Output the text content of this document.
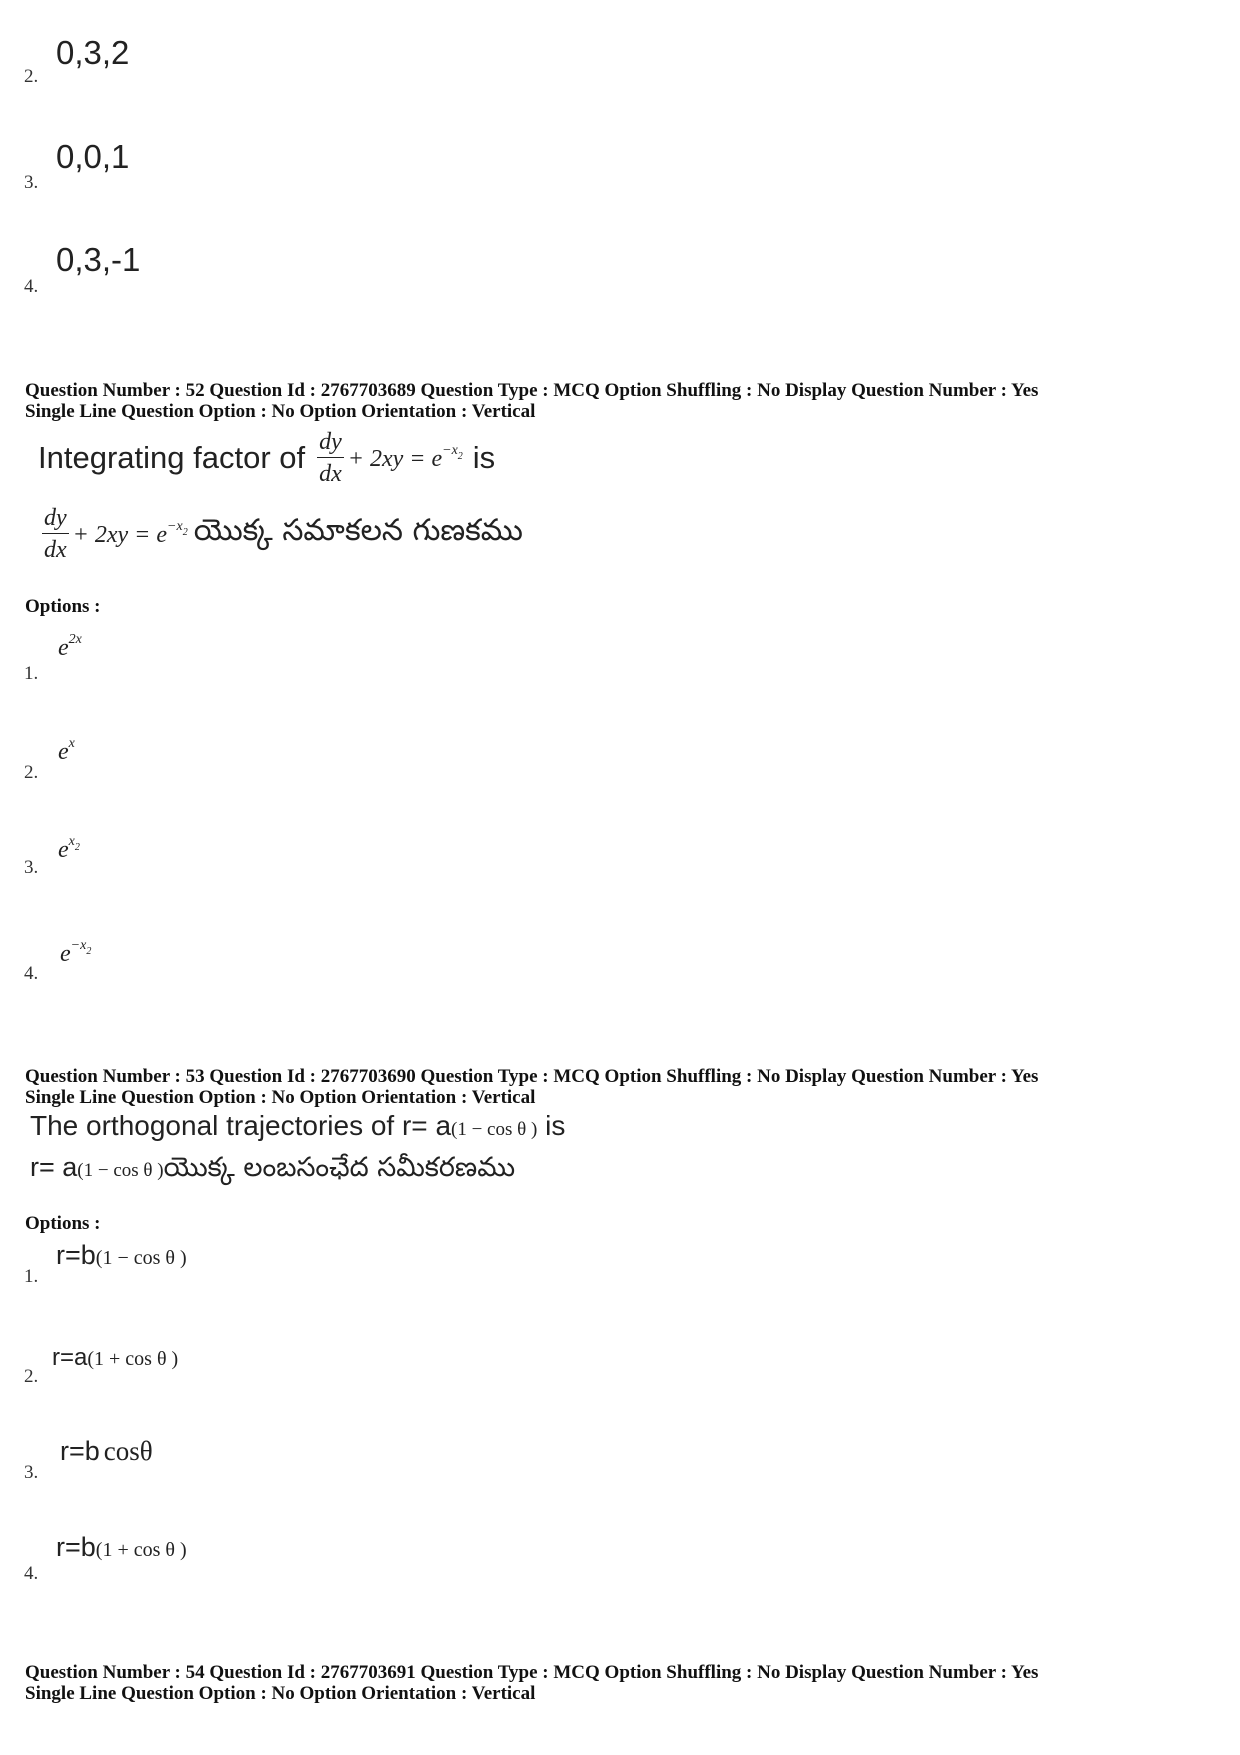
2.
0,3,2
3.
0,0,1
4.
0,3,-1
Question Number : 52 Question Id : 2767703689 Question Type : MCQ Option Shuffling : No Display Question Number : Yes
Single Line Question Option : No Option Orientation : Vertical
Integrating factor of $\frac{dy}{dx} + 2xy = e^{-x2}$ is
$\frac{dy}{dx} + 2xy = e^{-x2}$ యొక్క సమాకలన గుణకము
Options :
1.
$e^{2x}$
2.
$e^x$
3.
$e^{x2}$
4.
$e^{-x2}$
Question Number : 53 Question Id : 2767703690 Question Type : MCQ Option Shuffling : No Display Question Number : Yes
Single Line Question Option : No Option Orientation : Vertical
The orthogonal trajectories of r= a(1 − cos θ ) is
r= a(1 − cos θ )యొక్క లంబసంఛేద సమీకరణము
Options :
1.
r=b(1 − cos θ )
2.
r=a(1 + cos θ )
3.
r=b cosθ
4.
r=b(1 + cos θ )
Question Number : 54 Question Id : 2767703691 Question Type : MCQ Option Shuffling : No Display Question Number : Yes
Single Line Question Option : No Option Orientation : Vertical
